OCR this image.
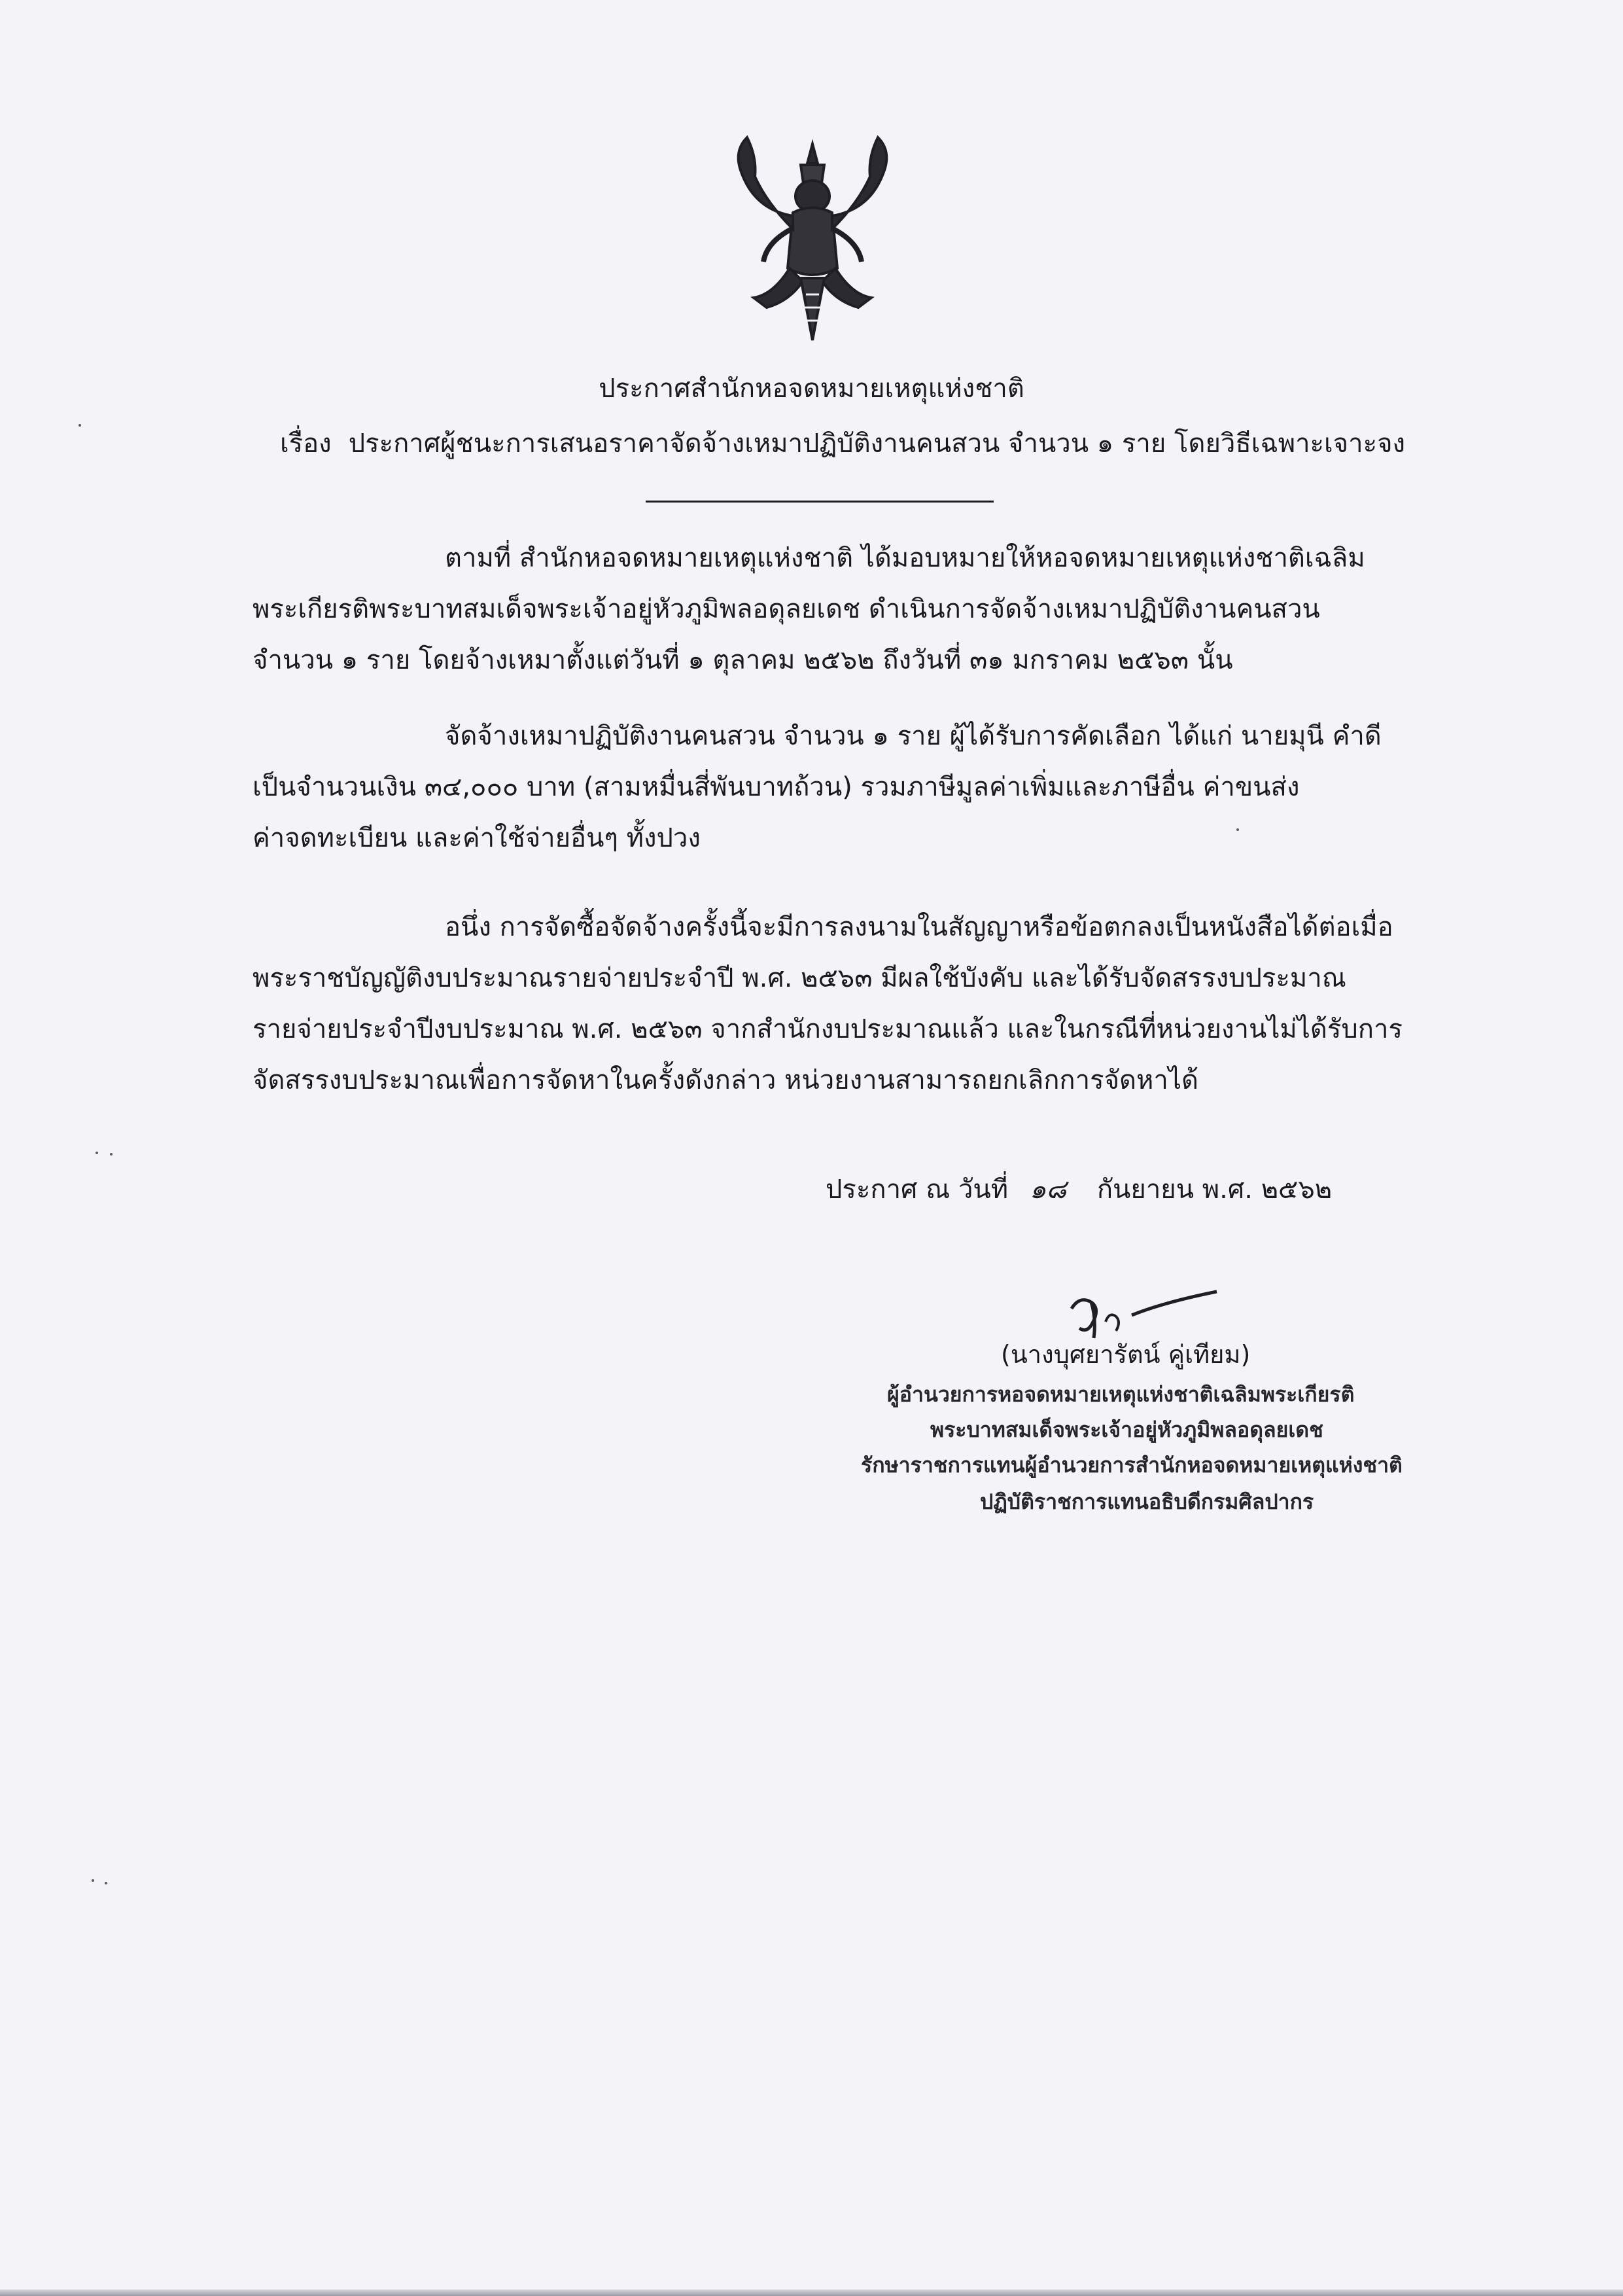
ประกาศสำนักหอจดหมายเหตุแห่งชาติ
เรื่อง ประกาศผู้ชนะการเสนอราคาจัดจ้างเหมาปฏิบัติงานคนสวน จำนวน ๑ ราย โดยวิธีเฉพาะเจาะจง
ตามที่ สำนักหอจดหมายเหตุแห่งชาติ ได้มอบหมายให้หอจดหมายเหตุแห่งชาติเฉลิม
พระเกียรติพระบาทสมเด็จพระเจ้าอยู่หัวภูมิพลอดุลยเดช ดำเนินการจัดจ้างเหมาปฏิบัติงานคนสวน
จำนวน ๑ ราย โดยจ้างเหมาตั้งแต่วันที่ ๑ ตุลาคม ๒๕๖๒ ถึงวันที่ ๓๑ มกราคม ๒๕๖๓ นั้น
จัดจ้างเหมาปฏิบัติงานคนสวน จำนวน ๑ ราย ผู้ได้รับการคัดเลือก ได้แก่ นายมุนี คำดี
เป็นจำนวนเงิน ๓๔,๐๐๐ บาท (สามหมื่นสี่พันบาทถ้วน) รวมภาษีมูลค่าเพิ่มและภาษีอื่น ค่าขนส่ง
ค่าจดทะเบียน และค่าใช้จ่ายอื่นๆ ทั้งปวง
อนึ่ง การจัดซื้อจัดจ้างครั้งนี้จะมีการลงนามในสัญญาหรือข้อตกลงเป็นหนังสือได้ต่อเมื่อ
พระราชบัญญัติงบประมาณรายจ่ายประจำปี พ.ศ. ๒๕๖๓ มีผลใช้บังคับ และได้รับจัดสรรงบประมาณ
รายจ่ายประจำปีงบประมาณ พ.ศ. ๒๕๖๓ จากสำนักงบประมาณแล้ว และในกรณีที่หน่วยงานไม่ได้รับการ
จัดสรรงบประมาณเพื่อการจัดหาในครั้งดังกล่าว หน่วยงานสามารถยกเลิกการจัดหาได้
ประกาศ ณ วันที่ ๑๘ กันยายน พ.ศ. ๒๕๖๒
(นางบุศยารัตน์ คู่เทียม)
ผู้อำนวยการหอจดหมายเหตุแห่งชาติเฉลิมพระเกียรติ
พระบาทสมเด็จพระเจ้าอยู่หัวภูมิพลอดุลยเดช
รักษาราชการแทนผู้อำนวยการสำนักหอจดหมายเหตุแห่งชาติ
ปฏิบัติราชการแทนอธิบดีกรมศิลปากร
